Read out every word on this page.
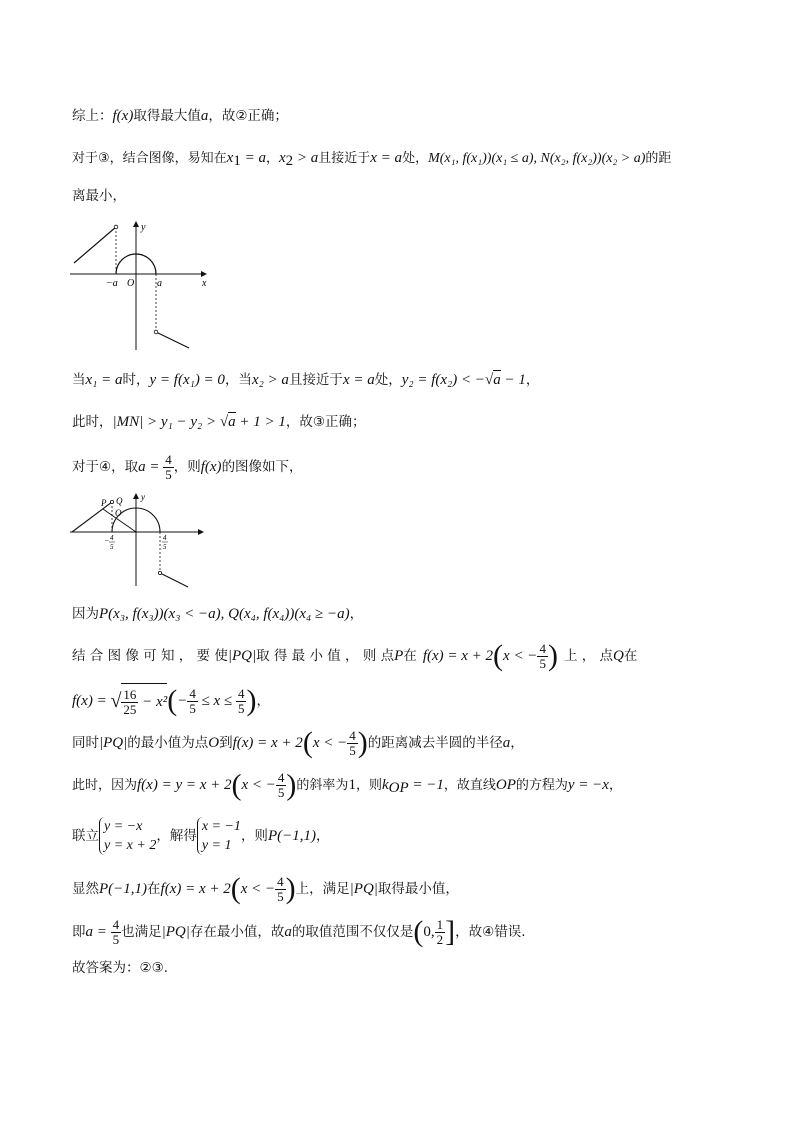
综上：f(x)取得最大值a，故②正确；
对于③，结合图像，易知在$x_1 = a$，$x_2 > a$且接近于x = a处，M(x₁, f(x₁))(x₁ ≤ a), N(x₂, f(x₂))(x₂ > a)的距
离最小，
y
x
O
−a	a
当x₁ = a时，y = f(x₁) = 0，当x₂ > a且接近于x = a处，y₂ = f(x₂) < −√a − 1，
此时，|MN| > y₁ − y₂ > √a + 1 > 1，故③正确；
对于④，取$a = \frac{4}{5}$ ，则f(x)的图像如下，
y
P Q
O
− 4
5
4
5
因为P(x₃, f(x₃))(x₃ < −a), Q(x₄, f(x₄))(x₄ ≥ −a)，
结 合 图 像 可 知 ， 要 使|PQ|取 得 最 小 值 ， 则 点P在 f(x) = x + 2(x < − $\frac{4}{5}$ ) 上 ， 点Q在
f(x) = √ $\frac{16}{25} - x^2(- \frac{4}{5} \le x \le \frac{4}{5}$ )，
同时|PQ|的最小值为点O到f(x) = x + 2(x < − $\frac{4}{5}$ )的距离减去半圆的半径a，
此时，因为f(x) = y = x + 2(x < − $\frac{4}{5}$ )的斜率为1，则$k_{OP} = -1$，故直线OP的方程为y = −x，
联立
y = −x
y = x + 2
，解得
x = −1
y = 1
，则P(−1,1)，
显然P(−1,1)在f(x) = x + 2(x < − $\frac{4}{5}$ )上，满足|PQ|取得最小值，
即$a = \frac{4}{5}$ 也满足|PQ|存在最小值，故a的取值范围不仅仅是(0, $\frac{1}{2}$ ]，故④错误.
故答案为：②③.
